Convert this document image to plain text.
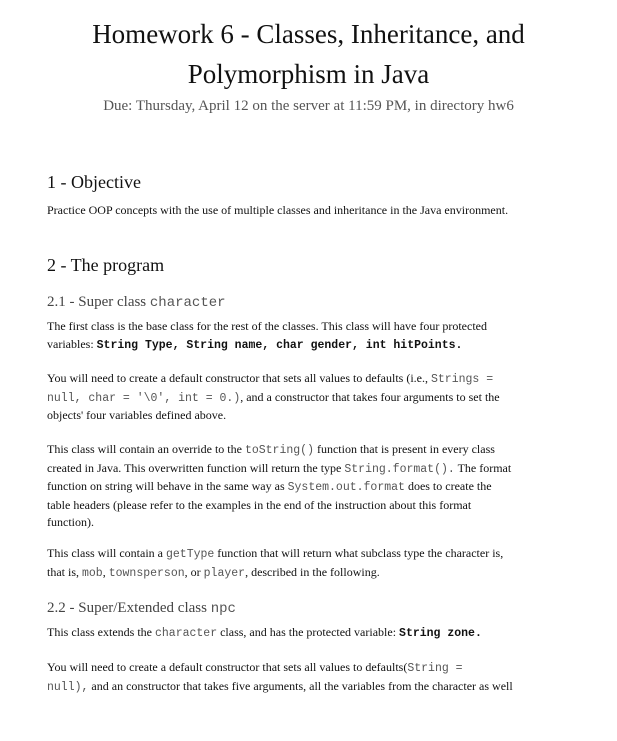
Homework 6 - Classes, Inheritance, and
Polymorphism in Java
Due: Thursday, April 12 on the server at 11:59 PM, in directory hw6
1 - Objective
Practice OOP concepts with the use of multiple classes and inheritance in the Java environment.
2 - The program
2.1 - Super class character
The first class is the base class for the rest of the classes. This class will have four protected
variables: String Type, String name, char gender, int hitPoints.
You will need to create a default constructor that sets all values to defaults (i.e., Strings =
null, char = '\0', int = 0.), and a constructor that takes four arguments to set the
objects' four variables defined above.
This class will contain an override to the toString() function that is present in every class
created in Java. This overwritten function will return the type String.format(). The format
function on string will behave in the same way as System.out.format does to create the
table headers (please refer to the examples in the end of the instruction about this format
function).
This class will contain a getType function that will return what subclass type the character is,
that is, mob, townsperson, or player, described in the following.
2.2 - Super/Extended class npc
This class extends the character class, and has the protected variable: String zone.
You will need to create a default constructor that sets all values to defaults(String =
null), and an constructor that takes five arguments, all the variables from the character as well
